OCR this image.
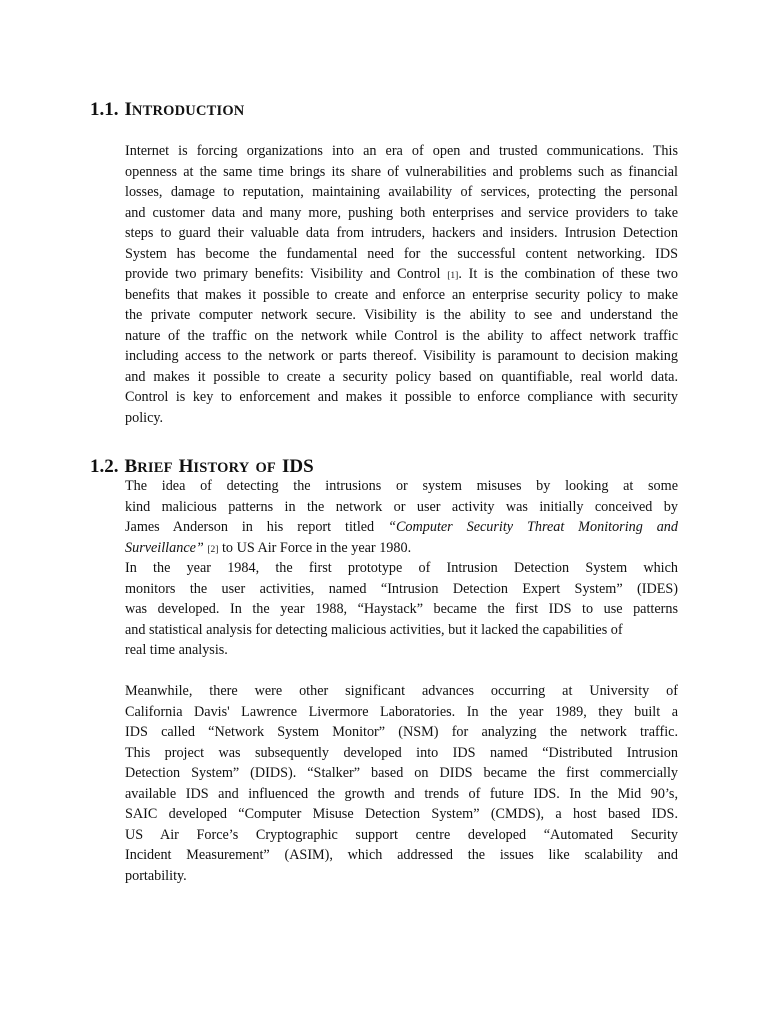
1.1. INTRODUCTION
Internet is forcing organizations into an era of open and trusted communications. This
openness at the same time brings its share of vulnerabilities and problems such as financial
losses, damage to reputation, maintaining availability of services, protecting the personal
and customer data and many more, pushing both enterprises and service providers to take
steps to guard their valuable data from intruders, hackers and insiders. Intrusion Detection
System has become the fundamental need for the successful content networking. IDS
provide two primary benefits: Visibility and Control [1]. It is the combination of these two
benefits that makes it possible to create and enforce an enterprise security policy to make
the private computer network secure. Visibility is the ability to see and understand the
nature of the traffic on the network while Control is the ability to affect network traffic
including access to the network or parts thereof. Visibility is paramount to decision making
and makes it possible to create a security policy based on quantifiable, real world data.
Control is key to enforcement and makes it possible to enforce compliance with security
policy.
1.2. BRIEF HISTORY OF IDS
The idea of detecting the intrusions or system misuses by looking at some
kind malicious patterns in the network or user activity was initially conceived by
James Anderson in his report titled “Computer Security Threat Monitoring and
Surveillance” [2] to US Air Force in the year 1980.
In the year 1984, the first prototype of Intrusion Detection System which
monitors the user activities, named “Intrusion Detection Expert System” (IDES)
was developed. In the year 1988, “Haystack” became the first IDS to use patterns
and statistical analysis for detecting malicious activities, but it lacked the capabilities of
real time analysis.
Meanwhile, there were other significant advances occurring at University of
California Davis' Lawrence Livermore Laboratories. In the year 1989, they built a
IDS called “Network System Monitor” (NSM) for analyzing the network traffic.
This project was subsequently developed into IDS named “Distributed Intrusion
Detection System” (DIDS). “Stalker” based on DIDS became the first commercially
available IDS and influenced the growth and trends of future IDS. In the Mid 90’s,
SAIC developed “Computer Misuse Detection System” (CMDS), a host based IDS.
US Air Force’s Cryptographic support centre developed “Automated Security
Incident Measurement” (ASIM), which addressed the issues like scalability and
portability.
